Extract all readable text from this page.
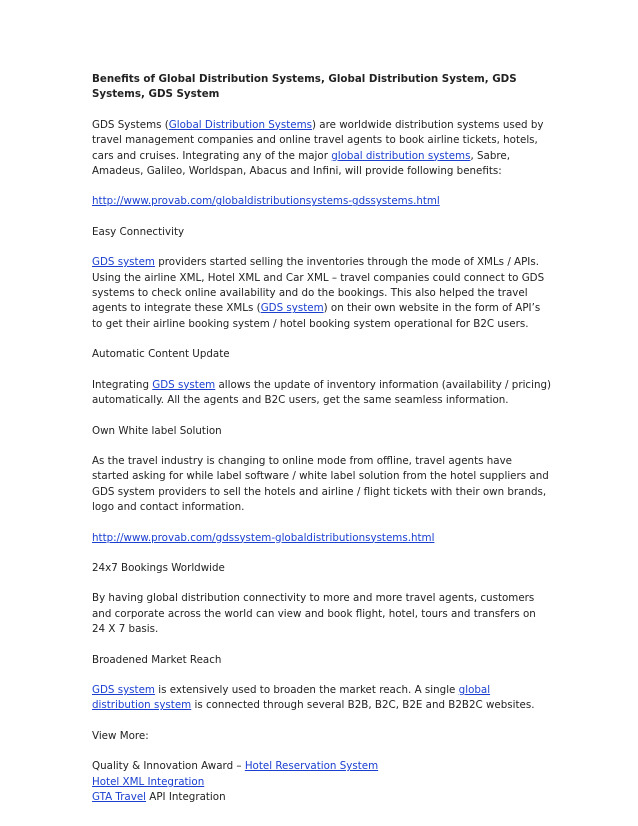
Benefits of Global Distribution Systems, Global Distribution System, GDS Systems, GDS System

GDS Systems (Global Distribution Systems) are worldwide distribution systems used by travel management companies and online travel agents to book airline tickets, hotels, cars and cruises. Integrating any of the major global distribution systems, Sabre, Amadeus, Galileo, Worldspan, Abacus and Infini, will provide following benefits:

http://www.provab.com/globaldistributionsystems-gdssystems.html

Easy Connectivity

GDS system providers started selling the inventories through the mode of XMLs / APIs. Using the airline XML, Hotel XML and Car XML – travel companies could connect to GDS systems to check online availability and do the bookings. This also helped the travel agents to integrate these XMLs (GDS system) on their own website in the form of API’s to get their airline booking system / hotel booking system operational for B2C users.

Automatic Content Update

Integrating GDS system allows the update of inventory information (availability / pricing) automatically. All the agents and B2C users, get the same seamless information.

Own White label Solution

As the travel industry is changing to online mode from offline, travel agents have started asking for while label software / white label solution from the hotel suppliers and GDS system providers to sell the hotels and airline / flight tickets with their own brands, logo and contact information.

http://www.provab.com/gdssystem-globaldistributionsystems.html

24x7 Bookings Worldwide

By having global distribution connectivity to more and more travel agents, customers and corporate across the world can view and book flight, hotel, tours and transfers on 24 X 7 basis.

Broadened Market Reach

GDS system is extensively used to broaden the market reach. A single global distribution system is connected through several B2B, B2C, B2E and B2B2C websites.

View More:

Quality & Innovation Award – Hotel Reservation System

Hotel XML Integration

GTA Travel API Integration
